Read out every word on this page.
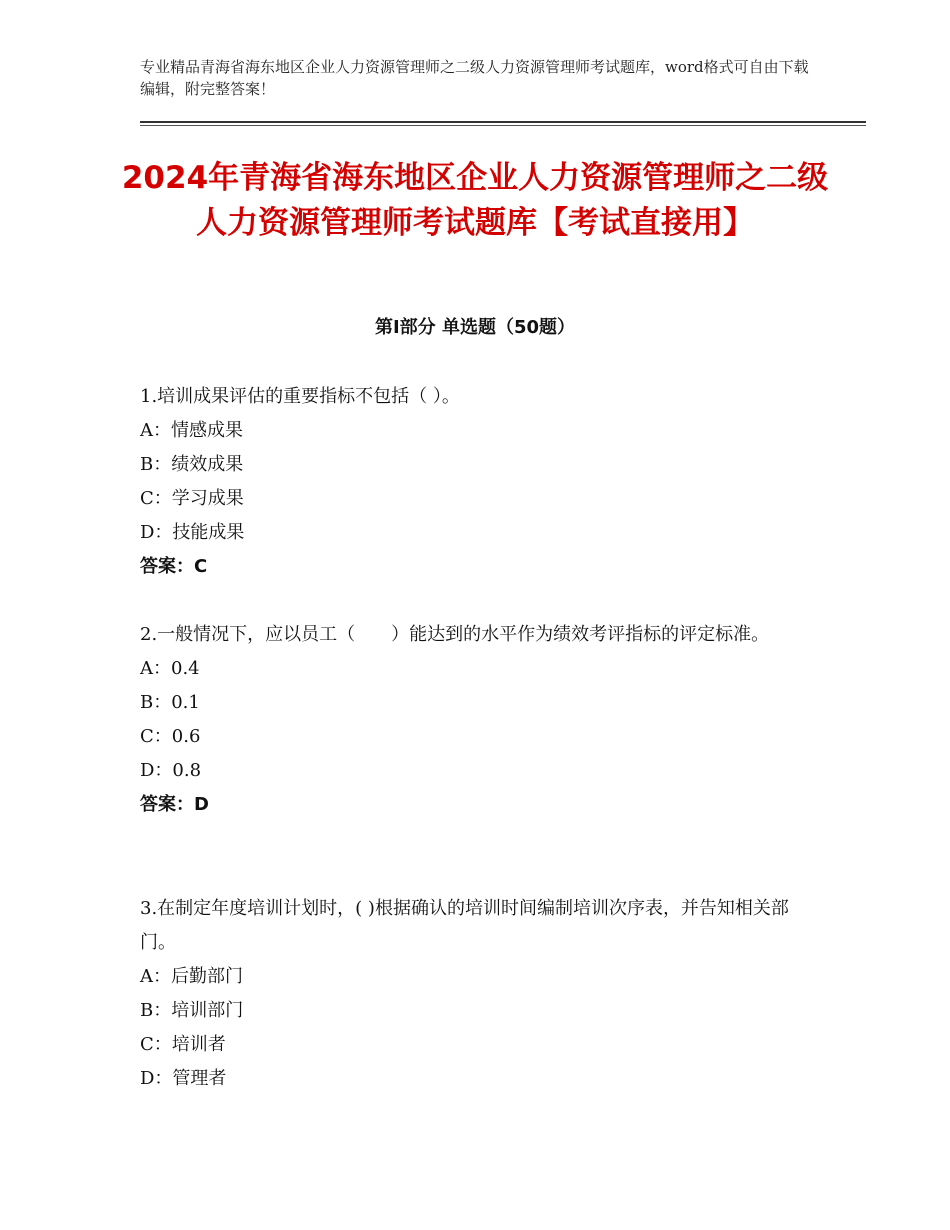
专业精品青海省海东地区企业人力资源管理师之二级人力资源管理师考试题库，word格式可自由下载编辑，附完整答案！
2024年青海省海东地区企业人力资源管理师之二级人力资源管理师考试题库【考试直接用】
第Ⅰ部分 单选题（50题）

1.培训成果评估的重要指标不包括（ ）。

A：情感成果
B：绩效成果
C：学习成果
D：技能成果
答案：C

2.一般情况下，应以员工（　　）能达到的水平作为绩效考评指标的评定标准。

A：0.4
B：0.1
C：0.6
D：0.8
答案：D

3.在制定年度培训计划时，( )根据确认的培训时间编制培训次序表，并告知相关部门。

A：后勤部门
B：培训部门
C：培训者
D：管理者
